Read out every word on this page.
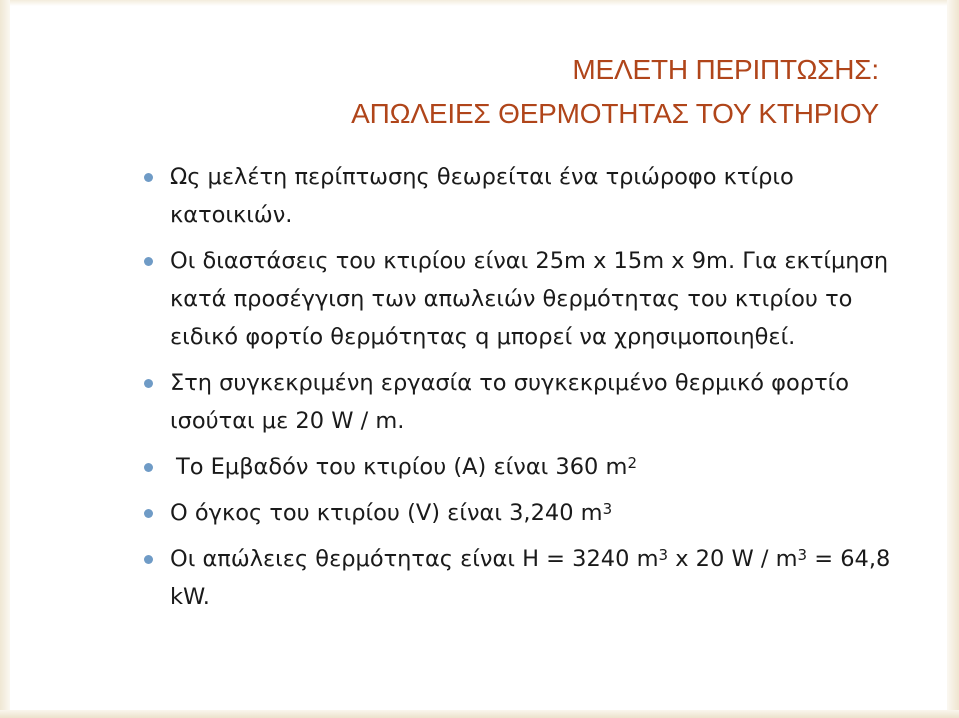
ΜΕΛΕΤΗ ΠΕΡΙΠΤΩΣΗΣ:
ΑΠΩΛΕΙΕΣ ΘΕΡΜΟΤΗΤΑΣ ΤΟΥ ΚΤΗΡΙΟΥ
Ως μελέτη περίπτωσης θεωρείται ένα τριώροφο κτίριο κατοικιών.
Οι διαστάσεις του κτιρίου είναι 25m x 15m x 9m. Για εκτίμηση κατά προσέγγιση των απωλειών θερμότητας του κτιρίου το ειδικό φορτίο θερμότητας q μπορεί να χρησιμοποιηθεί.
Στη συγκεκριμένη εργασία το συγκεκριμένο θερμικό φορτίο ισούται με 20 W / m.
Το Εμβαδόν του κτιρίου (A) είναι 360 $m^2$
Ο όγκος του κτιρίου (V) είναι 3,240 $m^3$
Οι απώλειες θερμότητας είναι H = 3240 $m^3$ x 20 $W / m^3 = 64,8$ kW.
